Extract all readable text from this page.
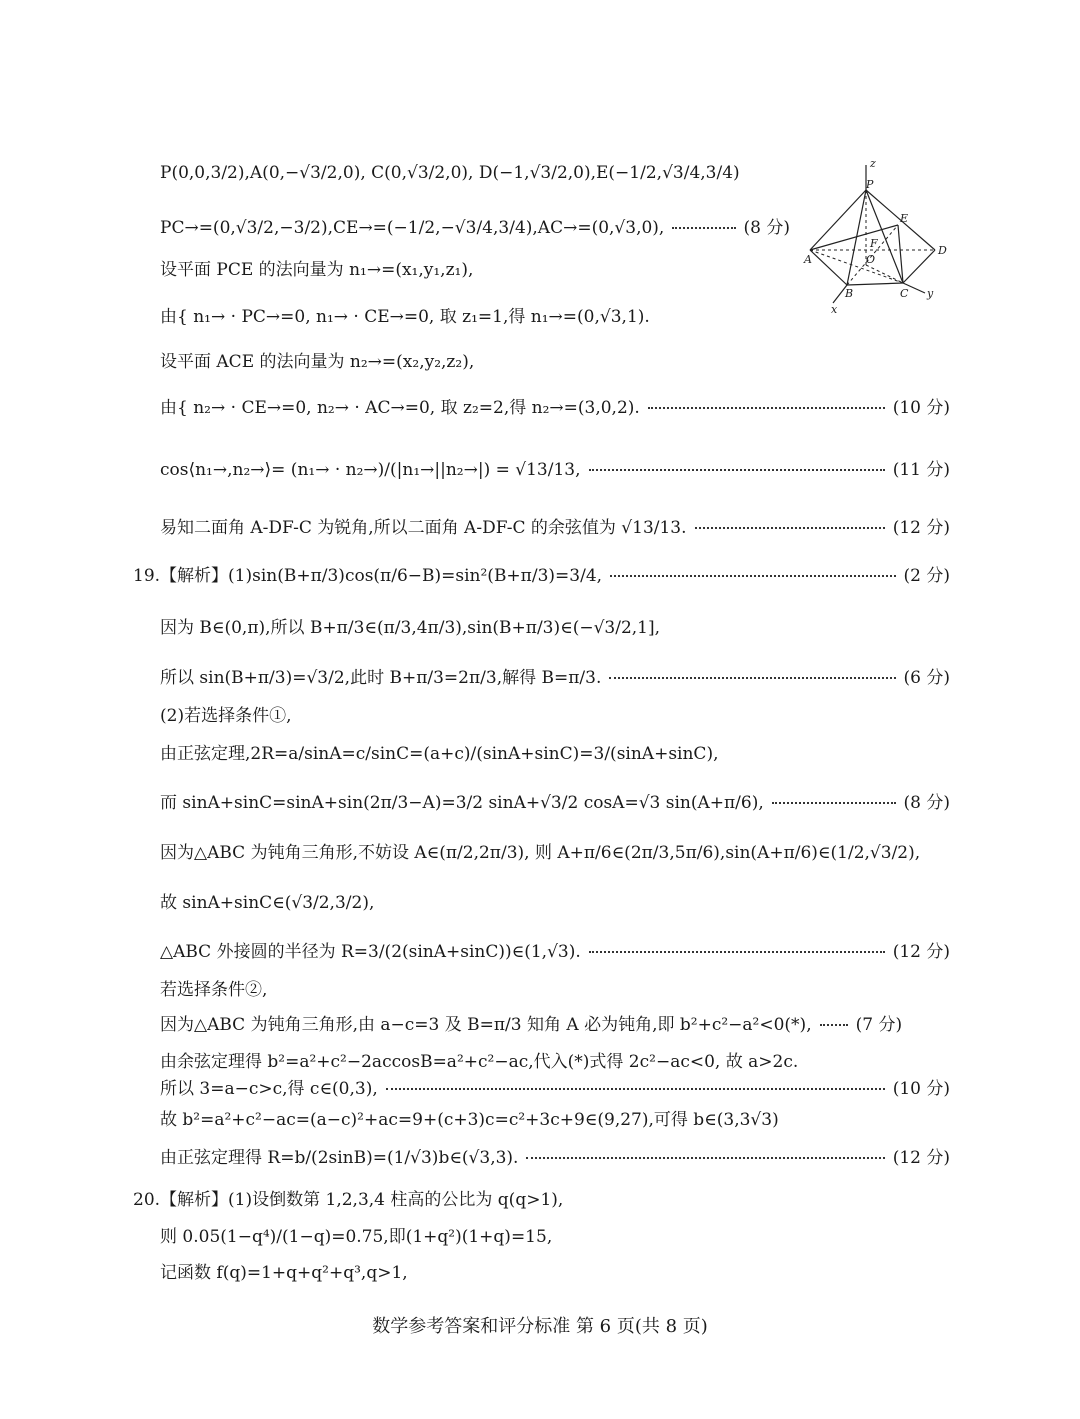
P(0,0,3/2),A(0,−√3/2,0), C(0,√3/2,0), D(−1,√3/2,0),E(−1/2,√3/4,3/4)
PC→=(0,√3/2,−3/2),CE→=(−1/2,−√3/4,3/4),AC→=(0,√3,0),	(8 分)
设平面 PCE 的法向量为 n₁→=(x₁,y₁,z₁),
由{ n₁→ · PC→=0, n₁→ · CE→=0, 取 z₁=1,得 n₁→=(0,√3,1).
设平面 ACE 的法向量为 n₂→=(x₂,y₂,z₂),
由{ n₂→ · CE→=0, n₂→ · AC→=0, 取 z₂=2,得 n₂→=(3,0,2).	(10 分)
cos⟨n₁→,n₂→⟩= (n₁→ · n₂→)/(|n₁→||n₂→|) = √13/13,	(11 分)
易知二面角 A-DF-C 为锐角,所以二面角 A-DF-C 的余弦值为 √13/13.	(12 分)
19.【解析】(1)sin(B+π/3)cos(π/6−B)=sin²(B+π/3)=3/4,	(2 分)
因为 B∈(0,π),所以 B+π/3∈(π/3,4π/3),sin(B+π/3)∈(−√3/2,1],
所以 sin(B+π/3)=√3/2,此时 B+π/3=2π/3,解得 B=π/3.	(6 分)
(2)若选择条件①,
由正弦定理,2R=a/sinA=c/sinC=(a+c)/(sinA+sinC)=3/(sinA+sinC),
而 sinA+sinC=sinA+sin(2π/3−A)=3/2 sinA+√3/2 cosA=√3 sin(A+π/6),	(8 分)
因为△ABC 为钝角三角形,不妨设 A∈(π/2,2π/3), 则 A+π/6∈(2π/3,5π/6),sin(A+π/6)∈(1/2,√3/2),
故 sinA+sinC∈(√3/2,3/2),
△ABC 外接圆的半径为 R=3/(2(sinA+sinC))∈(1,√3).	(12 分)
若选择条件②,
因为△ABC 为钝角三角形,由 a−c=3 及 B=π/3 知角 A 必为钝角,即 b²+c²−a²<0(*),	(7 分)
由余弦定理得 b²=a²+c²−2accosB=a²+c²−ac,代入(*)式得 2c²−ac<0, 故 a>2c.
所以 3=a−c>c,得 c∈(0,3),	(10 分)
故 b²=a²+c²−ac=(a−c)²+ac=9+(c+3)c=c²+3c+9∈(9,27),可得 b∈(3,3√3)
由正弦定理得 R=b/(2sinB)=(1/√3)b∈(√3,3).	(12 分)
20.【解析】(1)设倒数第 1,2,3,4 柱高的公比为 q(q>1),
则 0.05(1−q⁴)/(1−q)=0.75,即(1+q²)(1+q)=15,
记函数 f(q)=1+q+q²+q³,q>1,
z
P
E
D
A
F
O
B	C y
x
数学参考答案和评分标准 第 6 页(共 8 页)
